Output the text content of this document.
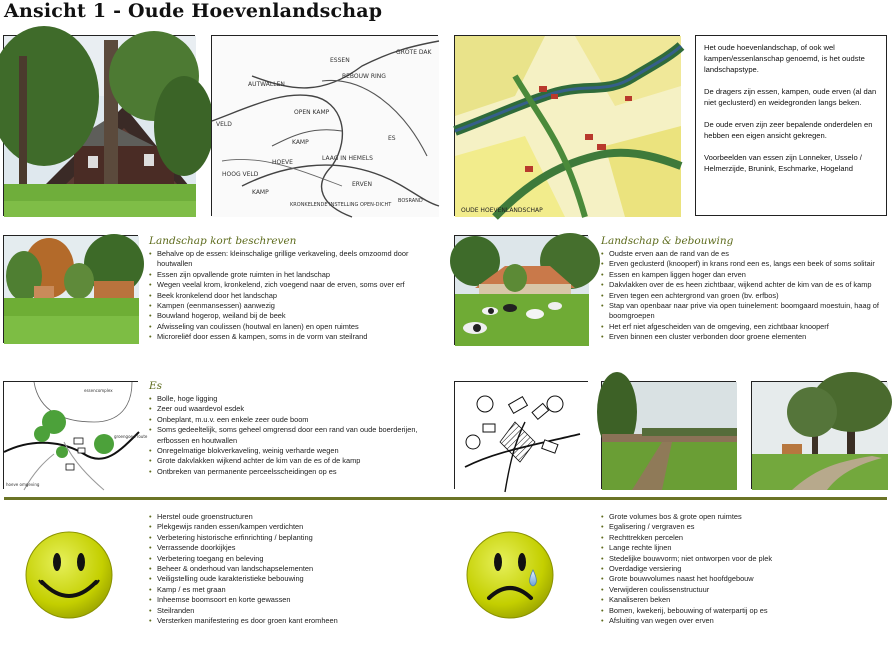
Ansicht 1 - Oude Hoevenlandschap
AUTWALLEN
ESSEN
GROTE DAK
BEBOUW RING
VELD
OPEN KAMP
KAMP
ES
LAAG IN HEMELS
HOEVE
HOOG VELD
ERVEN
KAMP
KRONKELENDE INSTELLING OPEN-DICHT
BOSRAND
OUDE HOEVENLANDSCHAP

Het oude hoevenlandschap, of ook wel kampen/essenlanschap genoemd, is het oudste landschapstype.

De dragers zijn essen, kampen, oude erven (al dan niet geclusterd) en weidegronden langs beken.

De oude erven zijn zeer bepalende onderdelen en hebben een eigen ansicht gekregen.

Voorbeelden van essen zijn Lonneker, Usselo / Helmerzijde, Brunink, Eschmarke, Hogeland

Landschap kort beschreven
• Behalve op de essen: kleinschalige grillige verkaveling, deels omzoomd door houtwallen
• Essen zijn opvallende grote ruimten in het landschap
• Wegen veelal krom, kronkelend, zich voegend naar de erven, soms over erf
• Beek kronkelend door het landschap
• Kampen (eenmansessen) aanwezig
• Bouwland hogerop, weiland bij de beek
• Afwisseling van coulissen (houtwal en lanen) en open ruimtes
• Microreliëf door essen & kampen, soms in de vorm van steilrand
Landschap & bebouwing
• Oudste erven aan de rand van de es
• Erven geclusterd (knooperf) in krans rond een es, langs een beek of soms solitair
• Essen en kampen liggen hoger dan erven
• Dakvlakken over de es heen zichtbaar, wijkend achter de kim van de es of kamp
• Erven tegen een achtergrond van groen (bv. erfbos)
• Stap van openbaar naar prive via open tuinelement: boomgaard moestuin, haag of boomgroepen
• Het erf niet afgescheiden van de omgeving, een zichtbaar knooperf
• Erven binnen een cluster verbonden door groene elementen
essencomplex
groengoed route
hoeve omgeving
Es
• Bolle, hoge ligging
• Zeer oud waardevol esdek
• Onbeplant, m.u.v. een enkele zeer oude boom
• Soms gedeeltelijk, soms geheel omgrensd door een rand van oude boerderijen, erfbossen en houtwallen
• Onregelmatige blokverkaveling, weinig verharde wegen
• Grote dakvlakken wijkend achter de kim van de es of de kamp
• Ontbreken van permanente perceelsscheidingen op es
• Herstel oude groenstructuren
• Plekgewijs randen essen/kampen verdichten
• Verbetering historische erfinrichting / beplanting
• Verrassende doorkijkjes
• Verbetering toegang en beleving
• Beheer & onderhoud van landschapselementen
• Veiligstelling oude karakteristieke bebouwing
• Kamp / es met graan
• Inheemse boomsoort en korte gewassen
• Steilranden
• Versterken manifestering es door groen kant eromheen
• Grote volumes bos & grote open ruimtes
• Egalisering / vergraven es
• Rechttrekken percelen
• Lange rechte lijnen
• Stedelijke bouwvorm; niet ontworpen voor de plek
• Overdadige versiering
• Grote bouwvolumes naast het hoofdgebouw
• Verwijderen coulissenstructuur
• Kanaliseren beken
• Bomen, kwekerij, bebouwing of waterpartij op es
• Afsluiting van wegen over erven
